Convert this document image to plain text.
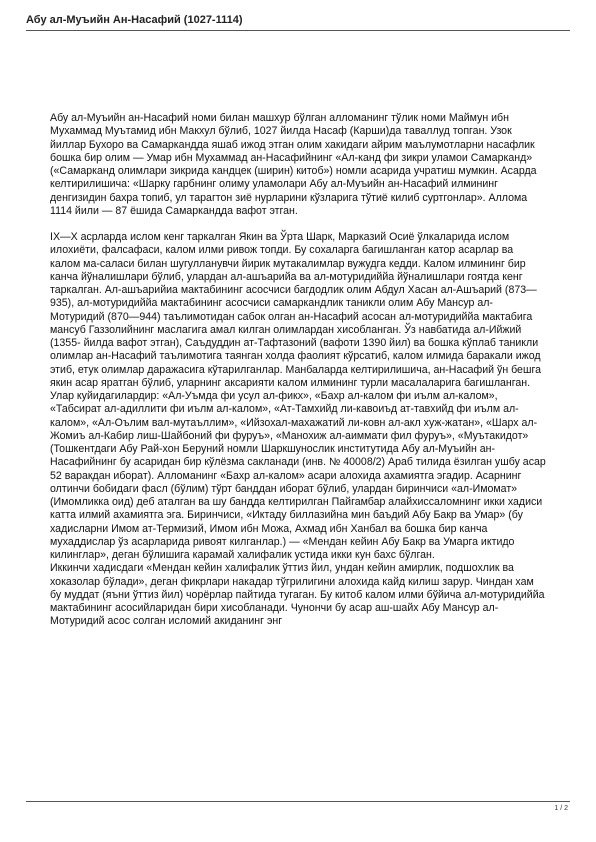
Абу ал-Муъийн Ан-Насафий (1027-1114)

Абу ал-Муъийн ан-Насафий номи билан машхур бўлган алломанинг тўлик номи Маймун ибн Мухаммад Муътамид ибн Макхул бўлиб, 1027 йилда Насаф (Карши)да таваллуд топган. Узок йиллар Бухоро ва Самаркандда яшаб ижод этган олим хакидаги айрим маълумотларни насафлик бошка бир олим — Умар ибн Мухаммад ан-Насафийнинг «Ал-канд фи зикри уламои Самарканд» («Самарканд олимлари зикрида кандцек (ширин) китоб») номли асарида учратиш мумкин. Асарда келтирилишича: «Шарку гарбнинг олиму уламолари Абу ал-Муъийн ан-Насафий илмининг денгизидин бахра топиб, ул тарагтон зиё нурларини кўзларига тўтиё килиб суртгонлар». Аллома 1114 йили — 87 ёшида Самаркандда вафот этган.

IX—X асрларда ислом кенг таркалган Якин ва Ўрта Шарк, Марказий Осиё ўлкаларида ислом илохиёти, фалсафаси, калом илми ривож топди. Бу сохаларга багишланган катор асарлар ва калом ма-саласи билан шугулланувчи йирик мутакалимлар вужудга кедди. Калом илмининг бир канча йўналишлари бўлиб, улардан ал-ашъарийа ва ал-мотуридиййа йўналишлари гоятда кенг таркалган. Ал-ашъарийиа мактабининг асосчиси багдодлик олим Абдул Хасан ал-Ашъарий (873—935), ал-мотуридиййа мактабининг асосчиси самаркандлик таникли олим Абу Мансур ал-Мотуридий (870—944) таълимотидан сабок олган ан-Насафий асосан ал-мотуридиййа мактабига мансуб Газзолийнинг маслагига амал килган олимлардан хисобланган. Ўз навбатида ал-Ийжий (1355- йилда вафот этган), Саъдуддин ат-Тафтазоний (вафоти 1390 йил) ва бошка кўплаб таникли олимлар ан-Насафий таълимотига таянган холда фаолият кўрсатиб, калом илмида баракали ижод этиб, етук олимлар даражасига кўтарилганлар. Манбаларда келтирилишича, ан-Насафий ўн бешга якин асар яратган бўлиб, уларнинг аксарияти калом илмининг турли масалаларига багишланган. Улар куйидагилардир: «Ал-Уъмда фи усул ал-фикх», «Бахр ал-калом фи иълм ал-калом», «Табсират ал-адиллити фи иълм ал-калом», «Ат-Тамхийд ли-кавоиъд ат-тавхийд фи иълм ал-калом», «Ал-Оълим вал-мутаъллим», «Ийзохал-махажатий ли-ковн ал-акл хуж-жатан», «Шарх ал-Жомиъ ал-Кабир лиш-Шайбоний фи фуруъ», «Манохиж ал-аиммати фил фуруъ», «Муътакидот» (Тошкентдаги Абу Рай-хон Беруний номли Шаркшунослик институтида Абу ал-Муъийн ан-Насафийнинг бу асаридан бир кўлёзма сакланади (инв. № 40008/2) Араб тилида ёзилган ушбу асар 52 варакдан иборат). Алломанинг «Бахр ал-калом» асари алохида ахамиятга эгадир. Асарнинг олтинчи бобидаги фасл (бўлим) тўрт банддан иборат бўлиб, улардан биринчиси «ал-Имомат» (Имомликка оид) деб аталган ва шу бандда келтирилган Пайгамбар алайхиссаломнинг икки хадиси катта илмий ахамиятга эга. Биринчиси, «Иктаду биллазийна мин баъдий Абу Бакр ва Умар» (бу хадисларни Имом ат-Термизий, Имом ибн Можа, Ахмад ибн Ханбал ва бошка бир канча мухаддислар ўз асарларида ривоят килганлар.) — «Мендан кейин Абу Бакр ва Умарга иктидо килинглар», деган бўлишига карамай халифалик устида икки кун бахс бўлган.

Иккинчи хадисдаги «Мендан кейин халифалик ўттиз йил, ундан кейин амирлик, подшохлик ва хоказолар бўлади», деган фикрлари накадар тўгрилигини алохида кайд килиш зарур. Чиндан хам бу муддат (яъни ўттиз йил) чорёрлар пайтида тугаган. Бу китоб калом илми бўйича ал-мотуридиййа мактабининг асосийларидан бири хисобланади. Чунончи бу асар аш-шайх Абу Мансур ал-Мотуридий асос солган исломий акиданинг энг

1 / 2
